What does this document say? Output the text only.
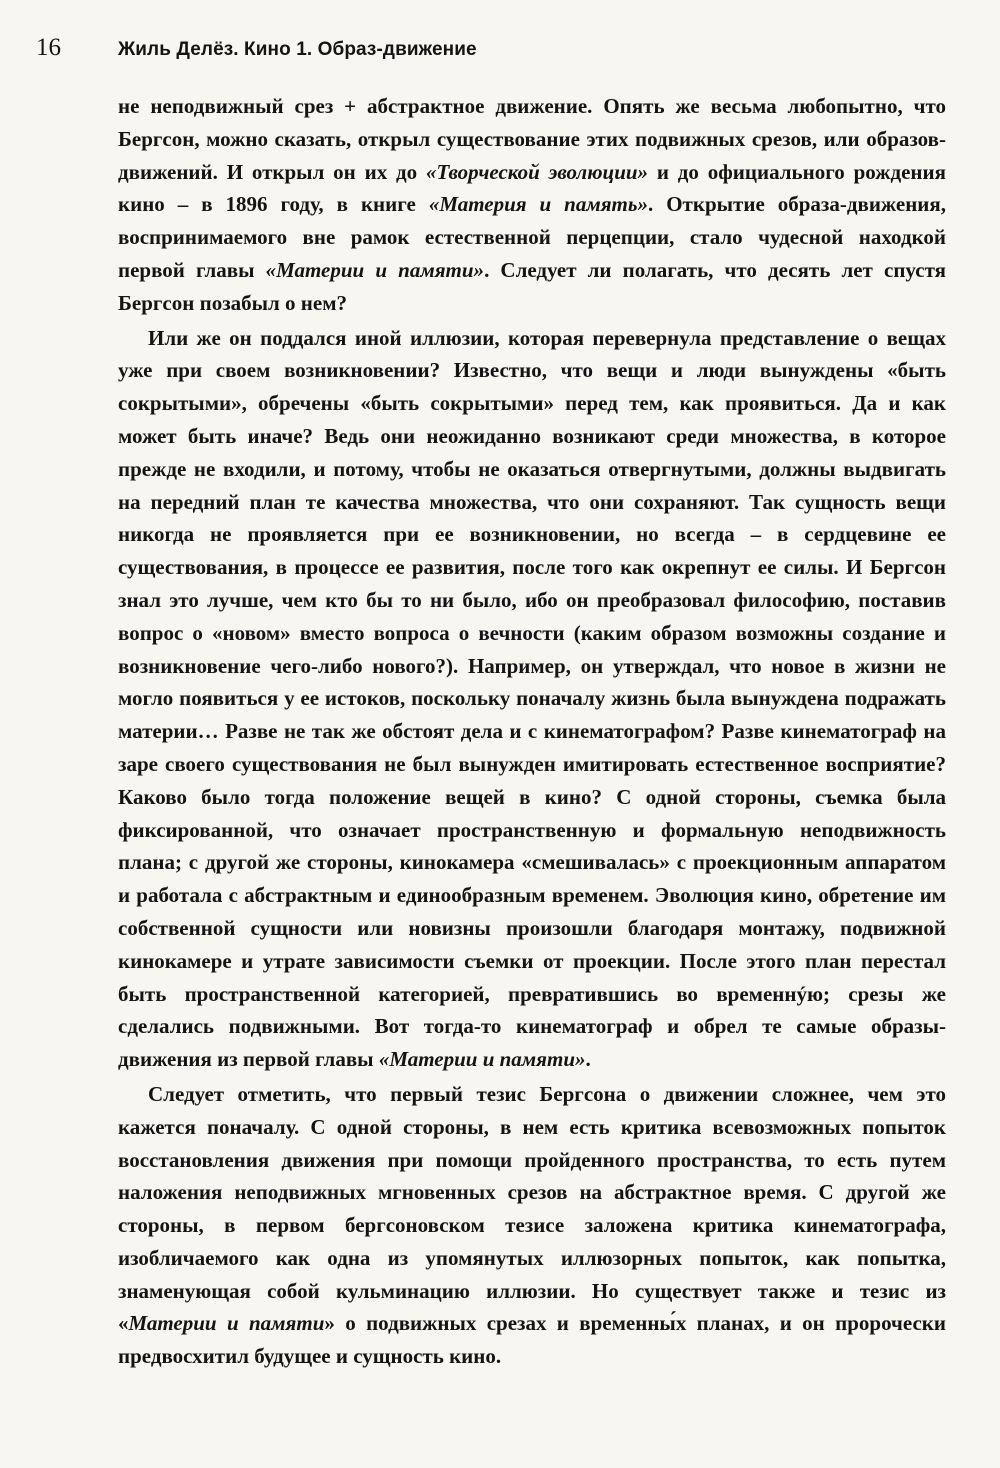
16	Жиль Делёз. Кино 1. Образ-движение

не неподвижный срез + абстрактное движение. Опять же весьма любопытно, что Бергсон, можно сказать, открыл существование этих подвижных срезов, или образов-движений. И открыл он их до «Творческой эволюции» и до официального рождения кино – в 1896 году, в книге «Материя и память». Открытие образа-движения, воспринимаемого вне рамок естественной перцепции, стало чудесной находкой первой главы «Материи и памяти». Следует ли полагать, что десять лет спустя Бергсон позабыл о нем?

Или же он поддался иной иллюзии, которая перевернула представление о вещах уже при своем возникновении? Известно, что вещи и люди вынуждены «быть сокрытыми», обречены «быть сокрытыми» перед тем, как проявиться. Да и как может быть иначе? Ведь они неожиданно возникают среди множества, в которое прежде не входили, и потому, чтобы не оказаться отвергнутыми, должны выдвигать на передний план те качества множества, что они сохраняют. Так сущность вещи никогда не проявляется при ее возникновении, но всегда – в сердцевине ее существования, в процессе ее развития, после того как окрепнут ее силы. И Бергсон знал это лучше, чем кто бы то ни было, ибо он преобразовал философию, поставив вопрос о «новом» вместо вопроса о вечности (каким образом возможны создание и возникновение чего-либо нового?). Например, он утверждал, что новое в жизни не могло появиться у ее истоков, поскольку поначалу жизнь была вынуждена подражать материи… Разве не так же обстоят дела и с кинематографом? Разве кинематограф на заре своего существования не был вынужден имитировать естественное восприятие? Каково было тогда положение вещей в кино? С одной стороны, съемка была фиксированной, что означает пространственную и формальную неподвижность плана; с другой же стороны, кинокамера «смешивалась» с проекционным аппаратом и работала с абстрактным и единообразным временем. Эволюция кино, обретение им собственной сущности или новизны произошли благодаря монтажу, подвижной кинокамере и утрате зависимости съемки от проекции. После этого план перестал быть пространственной категорией, превратившись во временнýю; срезы же сделались подвижными. Вот тогда-то кинематограф и обрел те самые образы-движения из первой главы «Материи и памяти».

Следует отметить, что первый тезис Бергсона о движении сложнее, чем это кажется поначалу. С одной стороны, в нем есть критика всевозможных попыток восстановления движения при помощи пройденного пространства, то есть путем наложения неподвижных мгновенных срезов на абстрактное время. С другой же стороны, в первом бергсоновском тезисе заложена критика кинематографа, изобличаемого как одна из упомянутых иллюзорных попыток, как попытка, знаменующая собой кульминацию иллюзии. Но существует также и тезис из «Материи и памяти» о подвижных срезах и временны́х планах, и он пророчески предвосхитил будущее и сущность кино.
